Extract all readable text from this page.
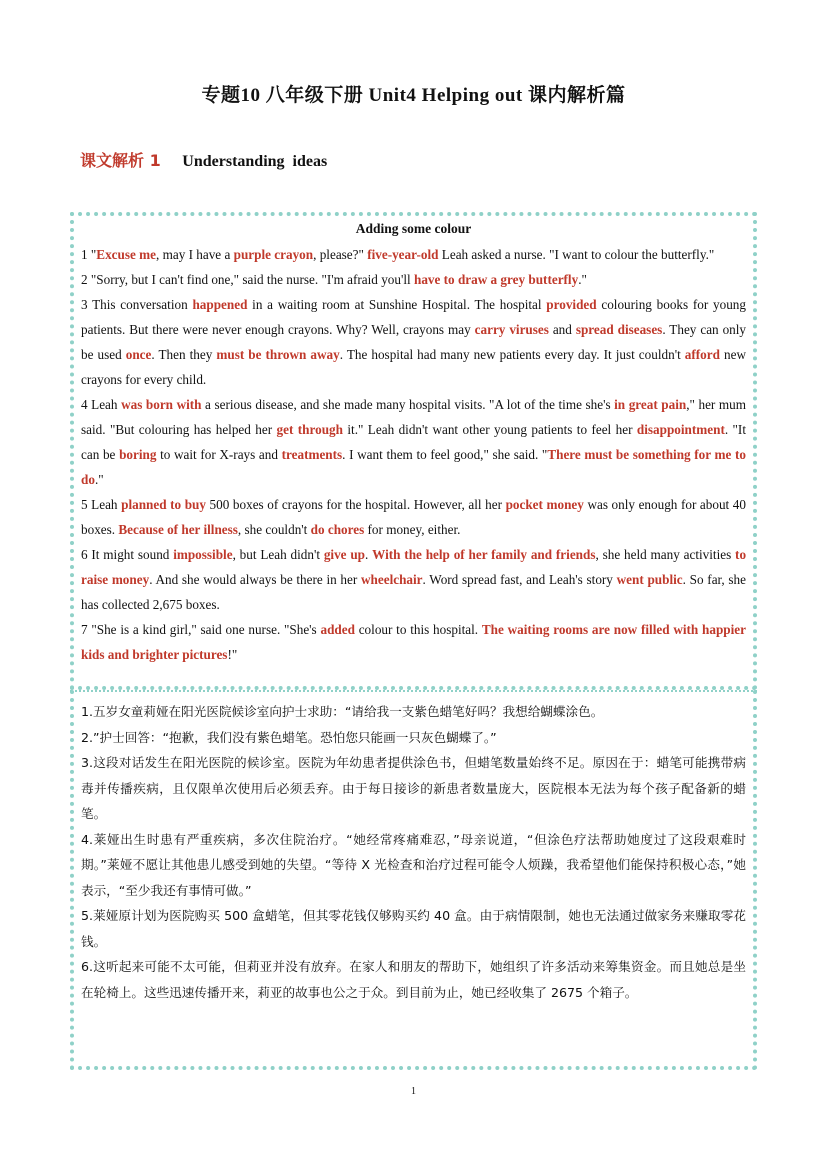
专题10 八年级下册 Unit4 Helping out 课内解析篇
课文解析 1 Understanding ideas
Adding some colour

1 "Excuse me, may I have a purple crayon, please?" five-year-old Leah asked a nurse. "I want to colour the butterfly."

2 "Sorry, but I can't find one," said the nurse. "I'm afraid you'll have to draw a grey butterfly."

3 This conversation happened in a waiting room at Sunshine Hospital. The hospital provided colouring books for young patients. But there were never enough crayons. Why? Well, crayons may carry viruses and spread diseases. They can only be used once. Then they must be thrown away. The hospital had many new patients every day. It just couldn't afford new crayons for every child.

4 Leah was born with a serious disease, and she made many hospital visits. "A lot of the time she's in great pain," her mum said. "But colouring has helped her get through it." Leah didn't want other young patients to feel her disappointment. "It can be boring to wait for X-rays and treatments. I want them to feel good," she said. "There must be something for me to do."

5 Leah planned to buy 500 boxes of crayons for the hospital. However, all her pocket money was only enough for about 40 boxes. Because of her illness, she couldn't do chores for money, either.

6 It might sound impossible, but Leah didn't give up. With the help of her family and friends, she held many activities to raise money. And she would always be there in her wheelchair. Word spread fast, and Leah's story went public. So far, she has collected 2,675 boxes.

7 "She is a kind girl," said one nurse. "She's added colour to this hospital. The waiting rooms are now filled with happier kids and brighter pictures!"

1.五岁女童莉娅在阳光医院候诊室向护士求助：“请给我一支紫色蜡笔好吗？我想给蝴蝶涂色。

2.”护士回答：“抱歉，我们没有紫色蜡笔。恐怕您只能画一只灰色蝴蝶了。”

3.这段对话发生在阳光医院的候诊室。医院为年幼患者提供涂色书，但蜡笔数量始终不足。原因在于：蜡笔可能携带病毒并传播疾病，且仅限单次使用后必须丢弃。由于每日接诊的新患者数量庞大，医院根本无法为每个孩子配备新的蜡笔。

4.莱娅出生时患有严重疾病，多次住院治疗。“她经常疼痛难忍，”母亲说道，“但涂色疗法帮助她度过了这段艰难时期。”莱娅不愿让其他患儿感受到她的失望。“等待 X 光检查和治疗过程可能令人烦躁，我希望他们能保持积极心态，”她表示，“至少我还有事情可做。”

5.莱娅原计划为医院购买 500 盒蜡笔，但其零花钱仅够购买约 40 盒。由于病情限制，她也无法通过做家务来赚取零花钱。

6.这听起来可能不太可能，但莉亚并没有放弃。在家人和朋友的帮助下，她组织了许多活动来筹集资金。而且她总是坐在轮椅上。这些迅速传播开来，莉亚的故事也公之于众。到目前为止，她已经收集了 2675 个箱子。

1
